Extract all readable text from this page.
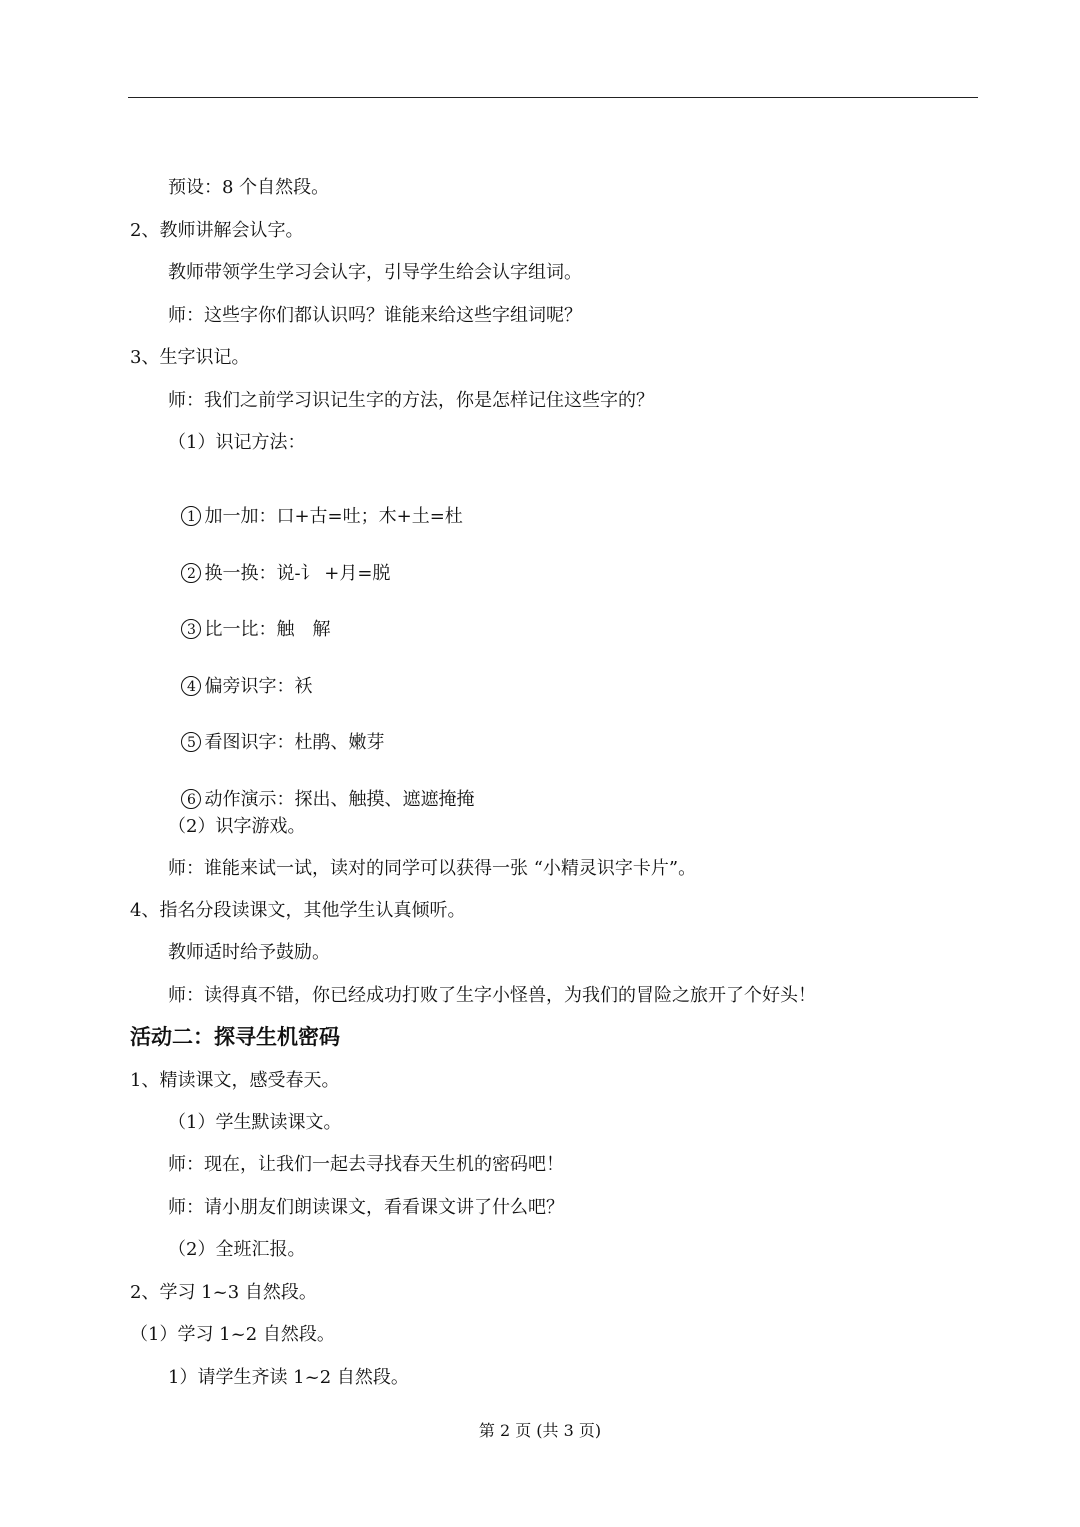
预设：8 个自然段。
2、教师讲解会认字。
教师带领学生学习会认字，引导学生给会认字组词。
师：这些字你们都认识吗？谁能来给这些字组词呢？
3、生字识记。
师：我们之前学习识记生字的方法，你是怎样记住这些字的？
（1）识记方法：

1 加一加：口+古=吐；木+土=杜

2 换一换：说-讠 +月=脱

3 比一比：触　解

4 偏旁识字：袄

5 看图识字：杜鹃、嫩芽

6 动作演示：探出、触摸、遮遮掩掩

（2）识字游戏。
师：谁能来试一试，读对的同学可以获得一张 “小精灵识字卡片”。
4、指名分段读课文，其他学生认真倾听。
教师适时给予鼓励。
师：读得真不错，你已经成功打败了生字小怪兽，为我们的冒险之旅开了个好头！
活动二：探寻生机密码
1、精读课文，感受春天。
（1）学生默读课文。
师：现在，让我们一起去寻找春天生机的密码吧！
师：请小朋友们朗读课文，看看课文讲了什么吧？
（2）全班汇报。
2、学习 1~3 自然段。
（1）学习 1~2 自然段。
1）请学生齐读 1~2 自然段。
第 2 页 (共 3 页)
